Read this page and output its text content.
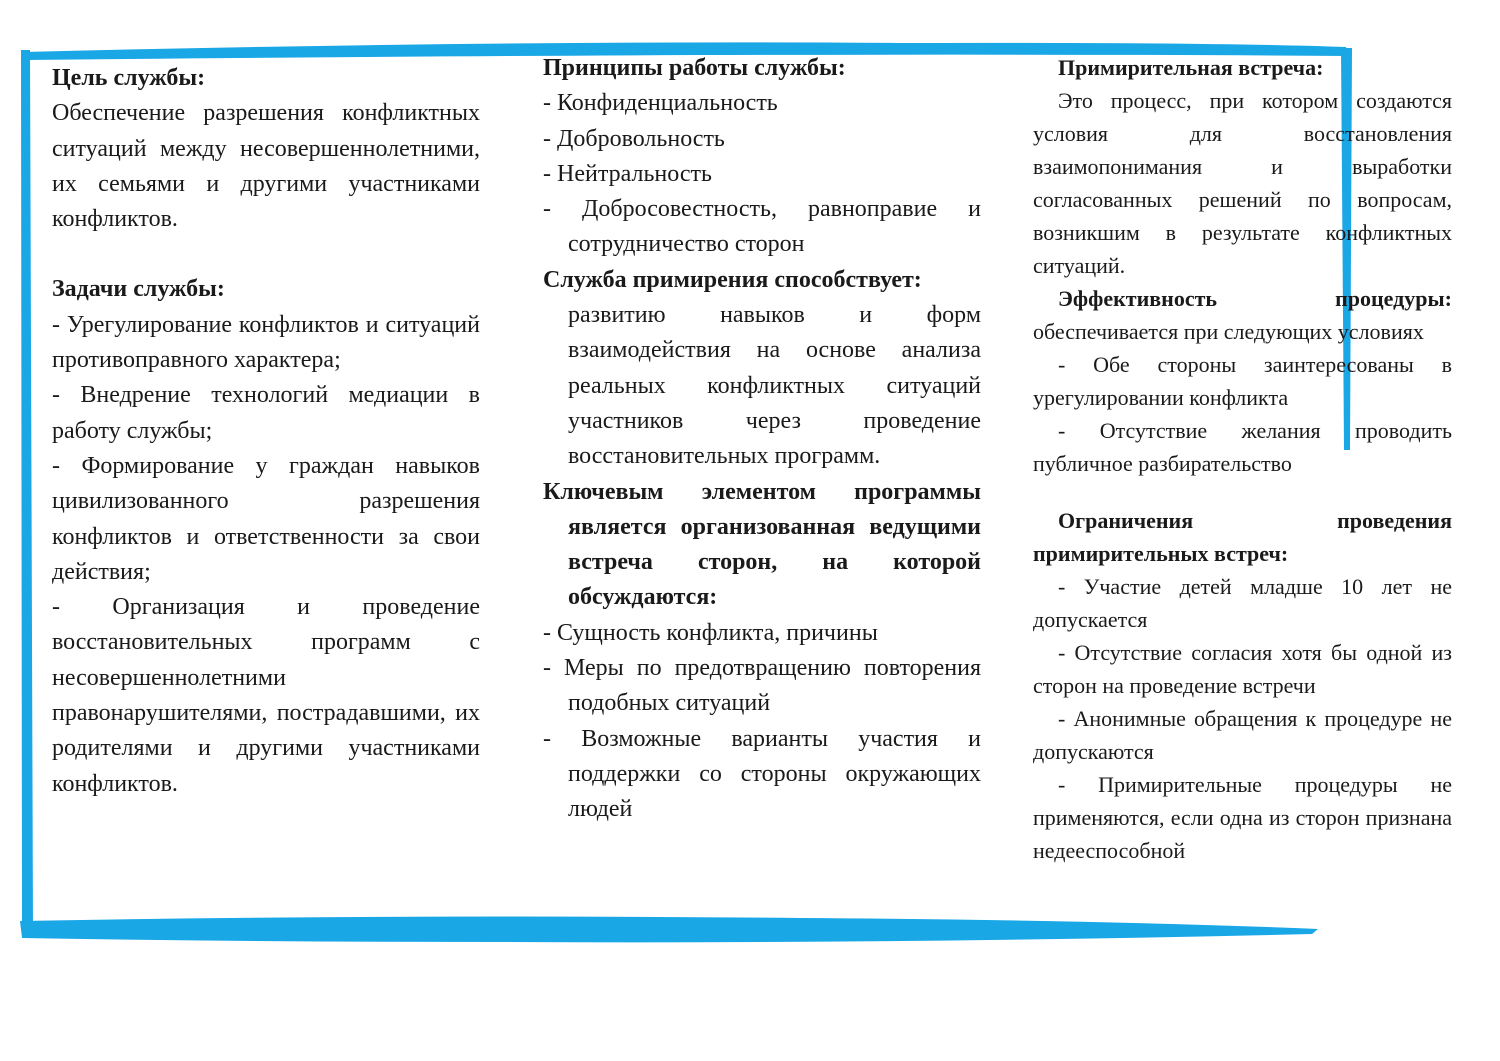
Цель службы:

Обеспечение разрешения конфликтных ситуаций между несовершеннолетними, их семьями и другими участниками конфликтов.

Задачи службы:

- Урегулирование конфликтов и ситуаций противоправного характера;

- Внедрение технологий медиации в работу службы;

- Формирование у граждан навыков цивилизованного разрешения конфликтов и ответственности за свои действия;

- Организация и проведение восстановительных программ с несовершеннолетними правонарушителями, пострадавшими, их родителями и другими участниками конфликтов.

Принципы работы службы:

- Конфиденциальность

- Добровольность

- Нейтральность

- Добросовестность, равноправие и сотрудничество сторон

Служба примирения способствует:

развитию навыков и форм взаимодействия на основе анализа реальных конфликтных ситуаций участников через проведение восстановительных программ.

Ключевым элементом программы является организованная ведущими встреча сторон, на которой обсуждаются:

- Сущность конфликта, причины

- Меры по предотвращению повторения подобных ситуаций

- Возможные варианты участия и поддержки со стороны окружающих людей

Примирительная встреча:

Это процесс, при котором создаются условия для восстановления взаимопонимания и выработки согласованных решений по вопросам, возникшим в результате конфликтных ситуаций.

Эффективность процедуры: обеспечивается при следующих условиях

- Обе стороны заинтересованы в урегулировании конфликта

- Отсутствие желания проводить публичное разбирательство

Ограничения проведения примирительных встреч:

- Участие детей младше 10 лет не допускается

- Отсутствие согласия хотя бы одной из сторон на проведение встречи

- Анонимные обращения к процедуре не допускаются

- Примирительные процедуры не применяются, если одна из сторон признана недееспособной
